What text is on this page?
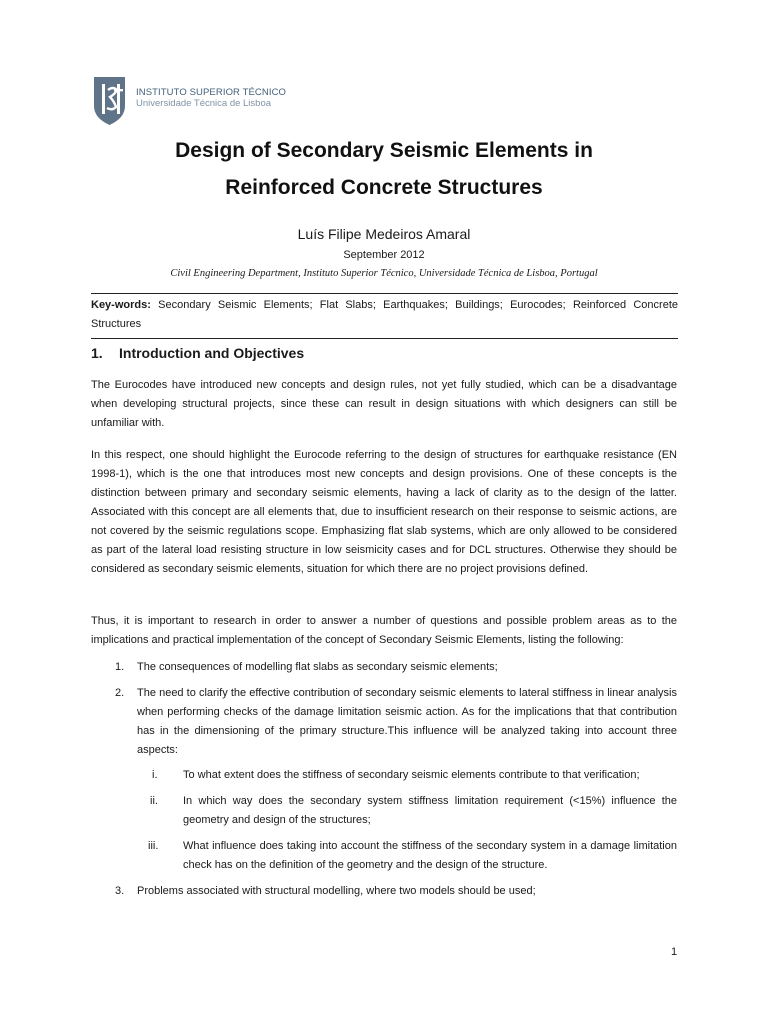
INSTITUTO SUPERIOR TÉCNICO
Universidade Técnica de Lisboa
Design of Secondary Seismic Elements in
Reinforced Concrete Structures
Luís Filipe Medeiros Amaral
September 2012
Civil Engineering Department, Instituto Superior Técnico, Universidade Técnica de Lisboa, Portugal
Key-words: Secondary Seismic Elements; Flat Slabs; Earthquakes; Buildings; Eurocodes; Reinforced Concrete Structures
1. Introduction and Objectives

The Eurocodes have introduced new concepts and design rules, not yet fully studied, which can be a disadvantage when developing structural projects, since these can result in design situations with which designers can still be unfamiliar with.

In this respect, one should highlight the Eurocode referring to the design of structures for earthquake resistance (EN 1998-1), which is the one that introduces most new concepts and design provisions. One of these concepts is the distinction between primary and secondary seismic elements, having a lack of clarity as to the design of the latter. Associated with this concept are all elements that, due to insufficient research on their response to seismic actions, are not covered by the seismic regulations scope. Emphasizing flat slab systems, which are only allowed to be considered as part of the lateral load resisting structure in low seismicity cases and for DCL structures. Otherwise they should be considered as secondary seismic elements, situation for which there are no project provisions defined.

Thus, it is important to research in order to answer a number of questions and possible problem areas as to the implications and practical implementation of the concept of Secondary Seismic Elements, listing the following:

1. The consequences of modelling flat slabs as secondary seismic elements;
2. The need to clarify the effective contribution of secondary seismic elements to lateral stiffness in linear analysis when performing checks of the damage limitation seismic action. As for the implications that that contribution has in the dimensioning of the primary structure.This influence will be analyzed taking into account three aspects:
i. To what extent does the stiffness of secondary seismic elements contribute to that verification;
ii. In which way does the secondary system stiffness limitation requirement (<15%) influence the geometry and design of the structures;
iii. What influence does taking into account the stiffness of the secondary system in a damage limitation check has on the definition of the geometry and the design of the structure.
3. Problems associated with structural modelling, where two models should be used;
1
